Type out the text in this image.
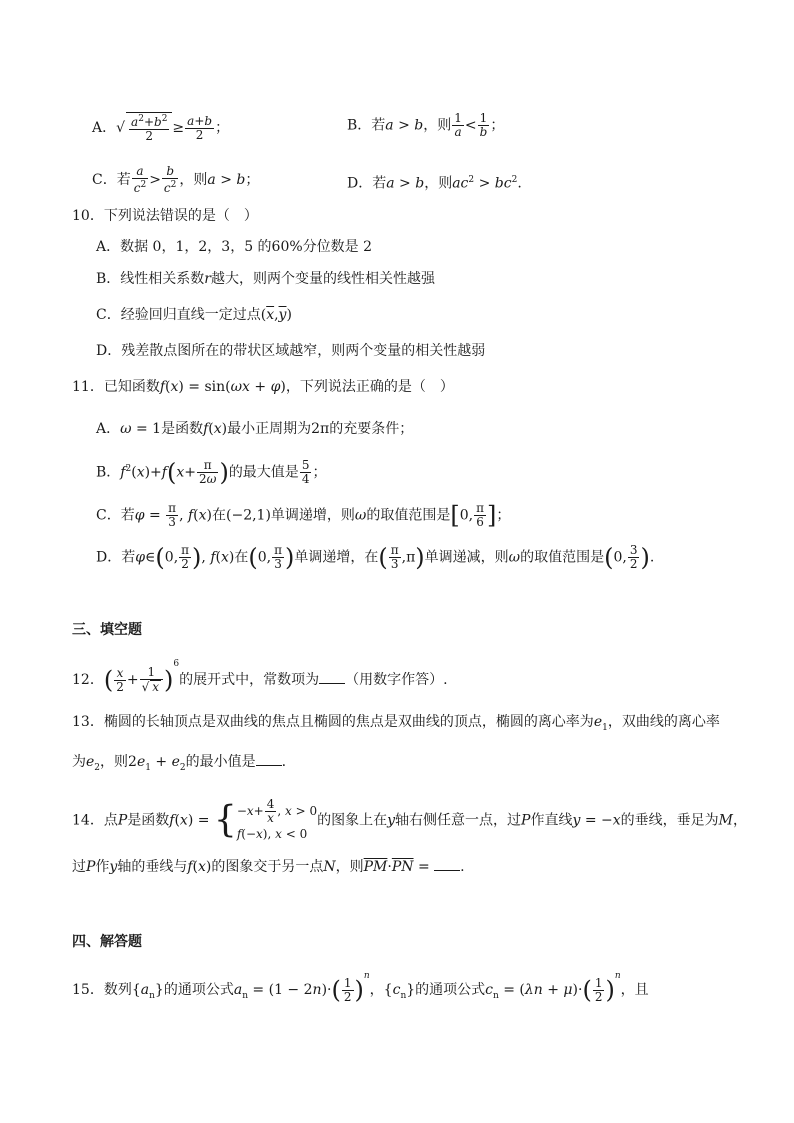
A．√ $\frac{a^2+b^2}{2} \ge \frac{a+b}{2}$ ；	B．若a > b，则 $\frac{1}{a} < \frac{1}{b}$ ；
C．若 $\frac{a}{c^2} > \frac{b}{c^2}$ ，则a > b；	D．若a > b，则$ac^2 > bc^2$.
10．下列说法错误的是（　）
A．数据 0，1，2，3，5 的60%分位数是 2
B．线性相关系数r越大，则两个变量的线性相关性越强
C．经验回归直线一定过点$(\overline{x},\overline{y})$
D．残差散点图所在的带状区域越窄，则两个变量的相关性越弱
11．已知函数f(x) = sin(ωx + φ)，下列说法正确的是（　）
A．ω = 1是函数f(x)最小正周期为2π的充要条件；
B．$f^2(x)+f(x+ \frac{\pi}{2\omega}$ )的最大值是 $\frac{5}{4}$ ；
C．若$\varphi = \frac{\pi}{3}$ , f(x)在(−2,1)单调递增，则ω的取值范围是[0, $\frac{\pi}{6}$ ]；
D．若φ∈(0, $\frac{\pi}{2}$ ), f(x)在(0, $\frac{\pi}{3}$ )单调递增，在( $\frac{\pi}{3} ,\pi$)单调递减，则ω的取值范围是(0, $\frac{3}{2}$ ).
三、填空题
12．( $\frac{x}{2} + \frac{1}{√ x} )^6$的展开式中，常数项为 （用数字作答）.
13．椭圆的长轴顶点是双曲线的焦点且椭圆的焦点是双曲线的顶点，椭圆的离心率为$e_1$，双曲线的离心率
为$e_2$，则$2e_1 + e_2$的最小值是 .
14．点P是函数$f(x) = \{-x+ \frac{4}{x}$ , x > 0
f(−x), x < 0的图象上在y轴右侧任意一点，过P作直线y = −x的垂线，垂足为M，
过P作y轴的垂线与f(x)的图象交于另一点N，则$\overline{PM}\cdot\overline{PN}$ = .
四、解答题
15．数列$\{a_n\}$的通项公式$a_n = (1 - 2n)\cdot( \frac{1}{2} )^n$，$\{c_n\}$的通项公式$c_n = (\lambda n + \mu)\cdot( \frac{1}{2} )^n$，且
